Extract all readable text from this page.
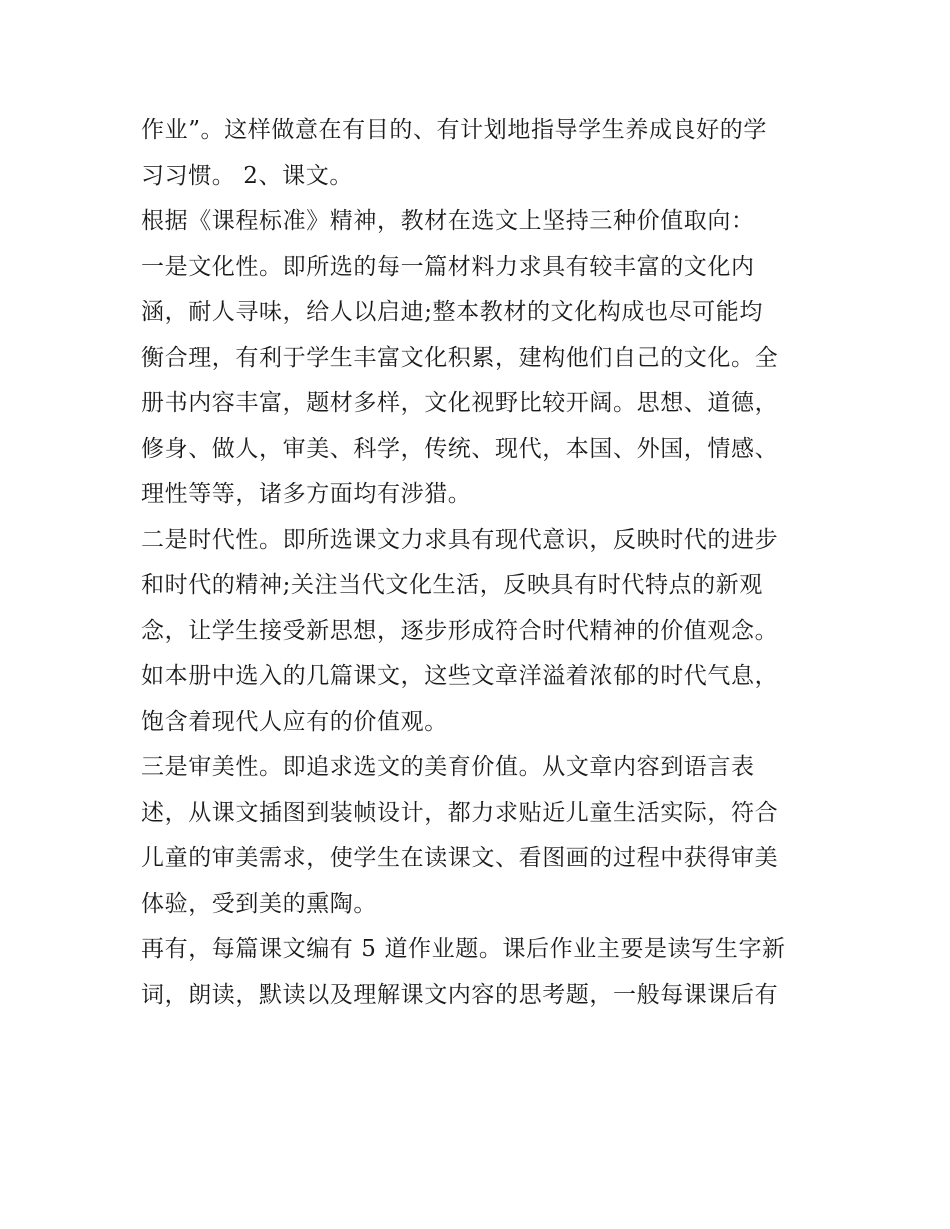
作业”。这样做意在有目的、有计划地指导学生养成良好的学
习习惯。 2、课文。
根据《课程标准》精神，教材在选文上坚持三种价值取向：
一是文化性。即所选的每一篇材料力求具有较丰富的文化内
涵，耐人寻味，给人以启迪;整本教材的文化构成也尽可能均
衡合理，有利于学生丰富文化积累，建构他们自己的文化。全
册书内容丰富，题材多样，文化视野比较开阔。思想、道德，
修身、做人，审美、科学，传统、现代，本国、外国，情感、
理性等等，诸多方面均有涉猎。
二是时代性。即所选课文力求具有现代意识，反映时代的进步
和时代的精神;关注当代文化生活，反映具有时代特点的新观
念，让学生接受新思想，逐步形成符合时代精神的价值观念。
如本册中选入的几篇课文，这些文章洋溢着浓郁的时代气息，
饱含着现代人应有的价值观。
三是审美性。即追求选文的美育价值。从文章内容到语言表
述，从课文插图到装帧设计，都力求贴近儿童生活实际，符合
儿童的审美需求，使学生在读课文、看图画的过程中获得审美
体验，受到美的熏陶。
再有，每篇课文编有 5 道作业题。课后作业主要是读写生字新
词，朗读，默读以及理解课文内容的思考题，一般每课课后有
